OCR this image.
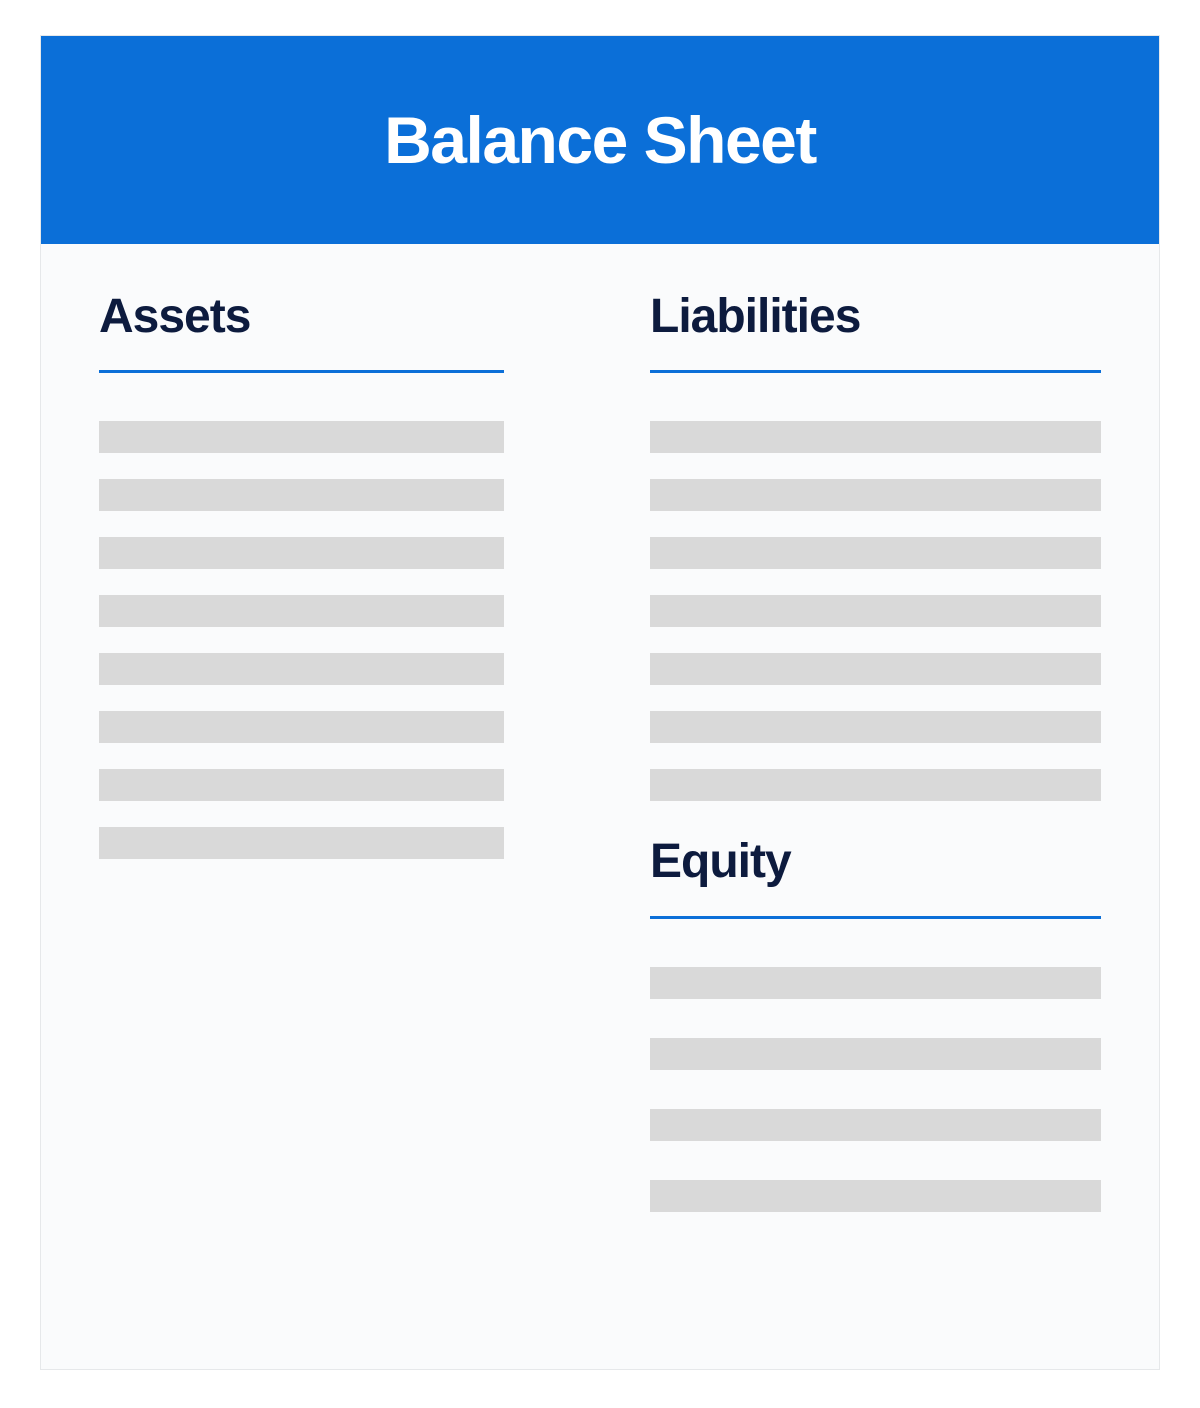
Balance Sheet
Assets	Liabilities
Equity
